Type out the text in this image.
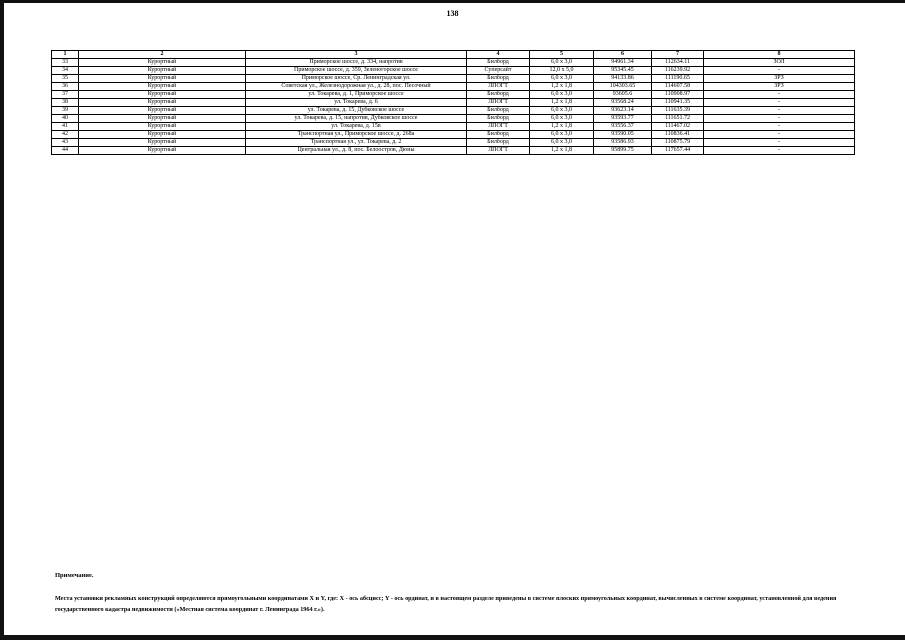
138
1	2	3	4	5	6	7	8
33	Курортный	Приморское шоссе, д. 334, напротив	Билборд	6,0 х 3,0	94961.34	112634.11	ЗОЛ
34	Курортный	Приморское шоссе, д. 359, Зеленогорское шоссе	Суперсайт	12,0 х 5,0	95345.45	116239.92	-
35	Курортный	Приморское шоссе, Ср. Ленинградская ул.	Билборд	6,0 х 3,0	94133.86	111190.65	ЗРЗ
36	Курортный	Советская ул., Железнодорожная ул., д. 28, пос. Песочный	ЛПОГТ	1,2 х 1,8	104303.65	114607.58	ЗРЗ
37	Курортный	ул. Токарева, д. 1, Приморское шоссе	Билборд	6,0 х 3,0	93605.6	110908.97	-
38	Курортный	ул. Токарева, д. 6	ЛПОГТ	1,2 х 1,8	93568.24	110941.35	-
39	Курортный	ул. Токарева, д. 15, Дубковское шоссе	Билборд	6,0 х 3,0	93623.14	111635.39	-
40	Курортный	ул. Токарева, д. 15, напротив, Дубковское шоссе	Билборд	6,0 х 3,0	93593.77	111651.72	-
41	Курортный	ул. Токарева, д. 15в	ЛПОГТ	1,2 х 1,8	93556.37	111467.02	-
42	Курортный	Транспортная ул., Приморское шоссе, д. 268а	Билборд	6,0 х 3,0	93590.05	110836.41	-
43	Курортный	Транспортная ул., ул. Токарева, д. 2	Билборд	6,0 х 3,0	93586.93	110875.79	-
44	Курортный	Центральная ул., д. 8, пос. Белоостров, Дюны	ЛПОГТ	1,2 х 1,8	95899.75	117657.44	-
Примечание.
Места установки рекламных конструкций определяются прямоугольными координатами X и Y, где: X - ось абсцисс; Y - ось ординат, и в настоящем разделе приведены в системе плоских прямоугольных координат, вычисленных в системе координат, установленной для ведения государственного кадастра недвижимости («Местная система координат г. Ленинграда 1964 г.»).
